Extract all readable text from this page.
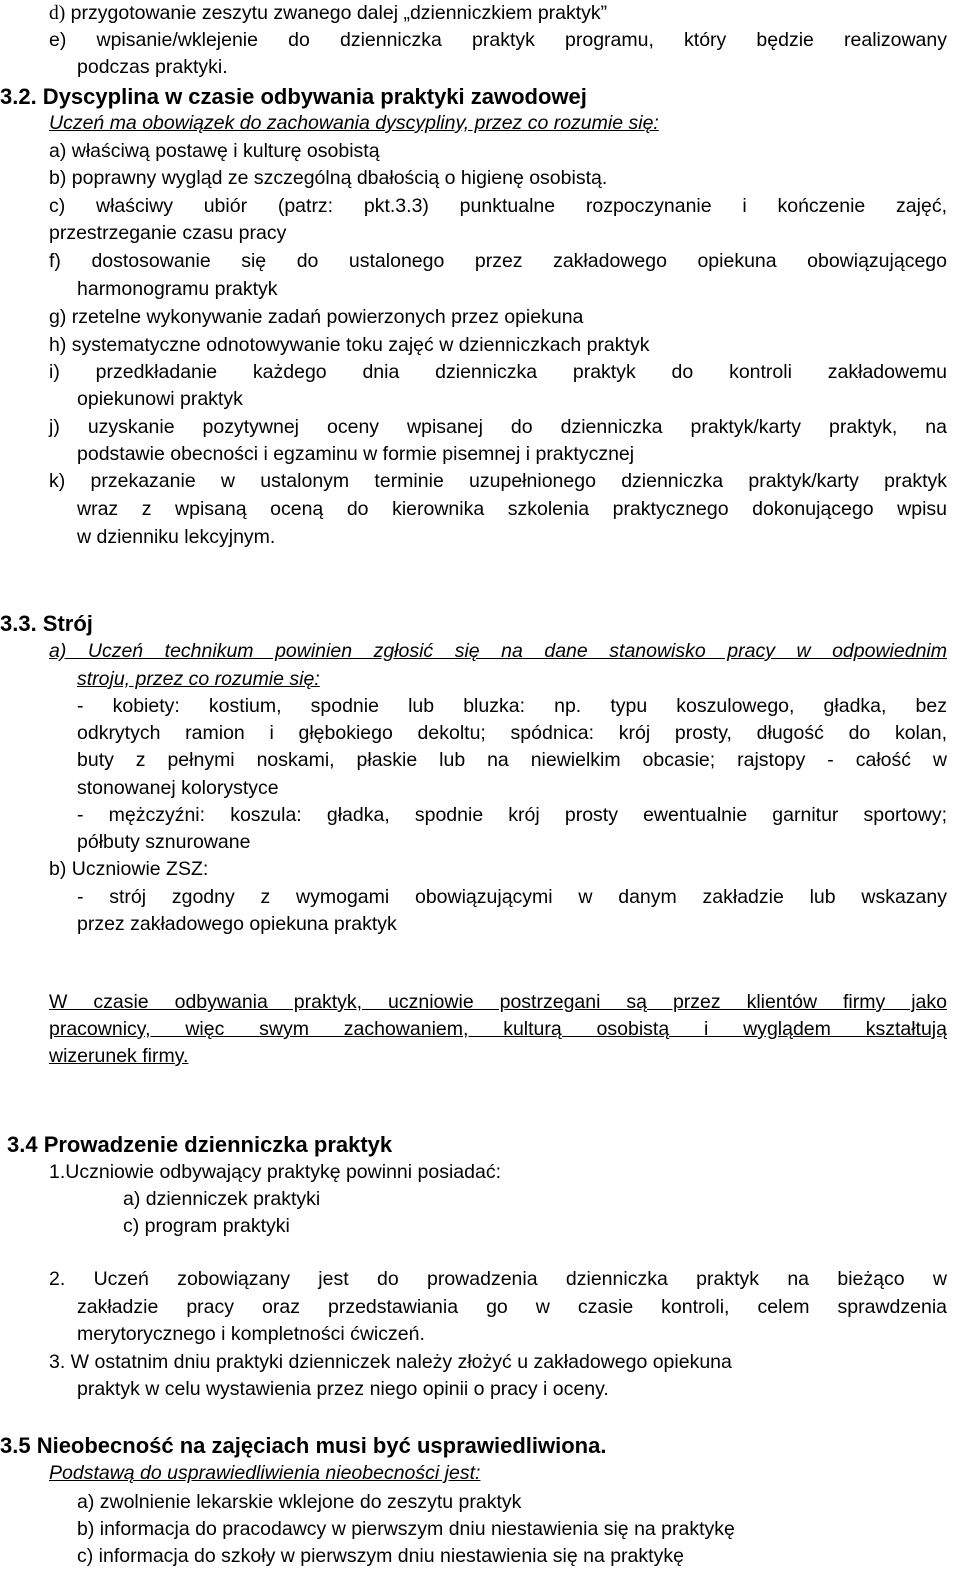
d) przygotowanie zeszytu zwanego dalej „dzienniczkiem praktyk”
e) wpisanie/wklejenie do dzienniczka praktyk programu, który będzie realizowany
podczas praktyki.
3.2. Dyscyplina w czasie odbywania praktyki zawodowej
Uczeń ma obowiązek do zachowania dyscypliny, przez co rozumie się:
a) właściwą postawę i kulturę osobistą
b) poprawny wygląd ze szczególną dbałością o higienę osobistą.
c) właściwy ubiór (patrz: pkt.3.3) punktualne rozpoczynanie i kończenie zajęć,
przestrzeganie czasu pracy
f) dostosowanie się do ustalonego przez zakładowego opiekuna obowiązującego
harmonogramu praktyk
g) rzetelne wykonywanie zadań powierzonych przez opiekuna
h) systematyczne odnotowywanie toku zajęć w dzienniczkach praktyk
i) przedkładanie każdego dnia dzienniczka praktyk do kontroli zakładowemu
opiekunowi praktyk
j) uzyskanie pozytywnej oceny wpisanej do dzienniczka praktyk/karty praktyk, na
podstawie obecności i egzaminu w formie pisemnej i praktycznej
k) przekazanie w ustalonym terminie uzupełnionego dzienniczka praktyk/karty praktyk
wraz z wpisaną oceną do kierownika szkolenia praktycznego dokonującego wpisu
w dzienniku lekcyjnym.
3.3. Strój
a) Uczeń technikum powinien zgłosić się na dane stanowisko pracy w odpowiednim
stroju, przez co rozumie się:
- kobiety: kostium, spodnie lub bluzka: np. typu koszulowego, gładka, bez
odkrytych ramion i głębokiego dekoltu; spódnica: krój prosty, długość do kolan,
buty z pełnymi noskami, płaskie lub na niewielkim obcasie; rajstopy - całość w
stonowanej kolorystyce
- mężczyźni: koszula: gładka, spodnie krój prosty ewentualnie garnitur sportowy;
półbuty sznurowane
b) Uczniowie ZSZ:
- strój zgodny z wymogami obowiązującymi w danym zakładzie lub wskazany
przez zakładowego opiekuna praktyk
W czasie odbywania praktyk, uczniowie postrzegani są przez klientów firmy jako
pracownicy, więc swym zachowaniem, kulturą osobistą i wyglądem kształtują
wizerunek firmy.
3.4 Prowadzenie dzienniczka praktyk
1.Uczniowie odbywający praktykę powinni posiadać:
a) dzienniczek praktyki
c) program praktyki
2. Uczeń zobowiązany jest do prowadzenia dzienniczka praktyk na bieżąco w
zakładzie pracy oraz przedstawiania go w czasie kontroli, celem sprawdzenia
merytorycznego i kompletności ćwiczeń.
3. W ostatnim dniu praktyki dzienniczek należy złożyć u zakładowego opiekuna
praktyk w celu wystawienia przez niego opinii o pracy i oceny.
3.5 Nieobecność na zajęciach musi być usprawiedliwiona.
Podstawą do usprawiedliwienia nieobecności jest:
a) zwolnienie lekarskie wklejone do zeszytu praktyk
b) informacja do pracodawcy w pierwszym dniu niestawienia się na praktykę
c) informacja do szkoły w pierwszym dniu niestawienia się na praktykę
